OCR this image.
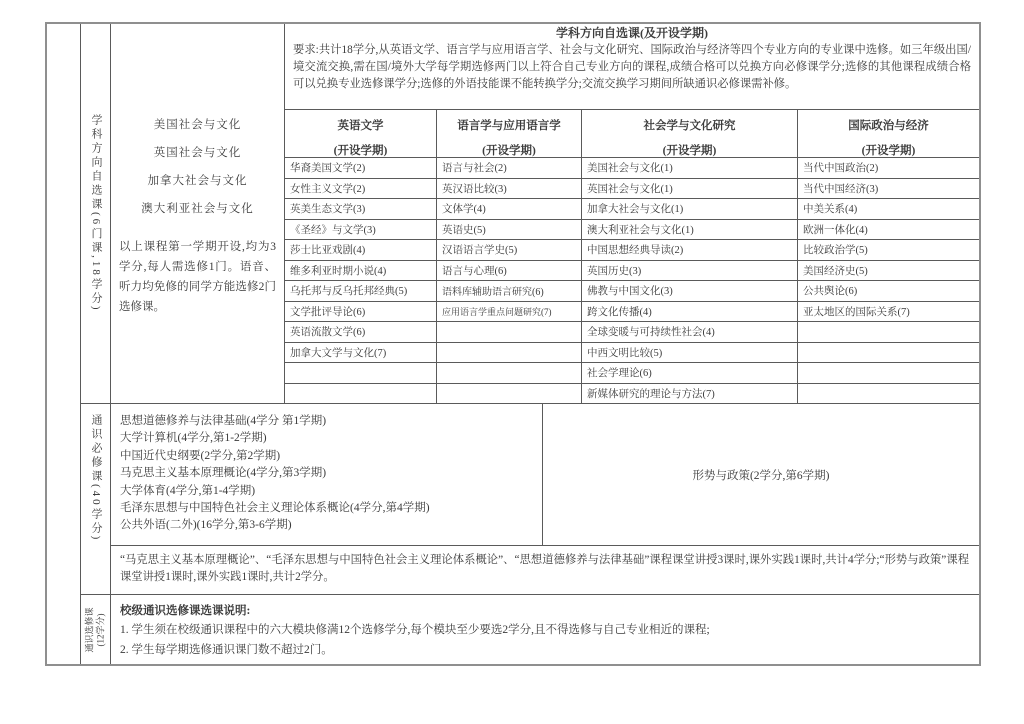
学科方向自选课(6门课,18学分)
通识必修课(40学分)
通识选修课 (12学分)
美国社会与文化
英国社会与文化
加拿大社会与文化
澳大利亚社会与文化
以上课程第一学期开设,均为3学分,每人需选修1门。语音、听力均免修的同学方能选修2门选修课。
学科方向自选课(及开设学期)
要求:共计18学分,从英语文学、语言学与应用语言学、社会与文化研究、国际政治与经济等四个专业方向的专业课中选修。如三年级出国/境交流交换,需在国/境外大学每学期选修两门以上符合自己专业方向的课程,成绩合格可以兑换方向必修课学分;选修的其他课程成绩合格可以兑换专业选修课学分;选修的外语技能课不能转换学分;交流交换学习期间所缺通识必修课需补修。
英语文学
(开设学期)
华裔美国文学(2)
女性主义文学(2)
英美生态文学(3)
《圣经》与文学(3)
莎士比亚戏剧(4)
维多利亚时期小说(4)
乌托邦与反乌托邦经典(5)
文学批评导论(6)
英语流散文学(6)
加拿大文学与文化(7)
语言学与应用语言学
(开设学期)
语言与社会(2)
英汉语比较(3)
文体学(4)
英语史(5)
汉语语言学史(5)
语言与心理(6)
语料库辅助语言研究(6)
应用语言学重点问题研究(7)
社会学与文化研究
(开设学期)
美国社会与文化(1)
英国社会与文化(1)
加拿大社会与文化(1)
澳大利亚社会与文化(1)
中国思想经典导读(2)
英国历史(3)
佛教与中国文化(3)
跨文化传播(4)
全球变暖与可持续性社会(4)
中西文明比较(5)
社会学理论(6)
新媒体研究的理论与方法(7)
国际政治与经济
(开设学期)
当代中国政治(2)
当代中国经济(3)
中美关系(4)
欧洲一体化(4)
比较政治学(5)
美国经济史(5)
公共舆论(6)
亚太地区的国际关系(7)
思想道德修养与法律基础(4学分 第1学期)
大学计算机(4学分,第1-2学期)
中国近代史纲要(2学分,第2学期)
马克思主义基本原理概论(4学分,第3学期)
大学体育(4学分,第1-4学期)
毛泽东思想与中国特色社会主义理论体系概论(4学分,第4学期)
公共外语(二外)(16学分,第3-6学期)
形势与政策(2学分,第6学期)
“马克思主义基本原理概论”、“毛泽东思想与中国特色社会主义理论体系概论”、“思想道德修养与法律基础”课程课堂讲授3课时,课外实践1课时,共计4学分;“形势与政策”课程课堂讲授1课时,课外实践1课时,共计2学分。
校级通识选修课选课说明:
1. 学生须在校级通识课程中的六大模块修满12个选修学分,每个模块至少要选2学分,且不得选修与自己专业相近的课程;
2. 学生每学期选修通识课门数不超过2门。
